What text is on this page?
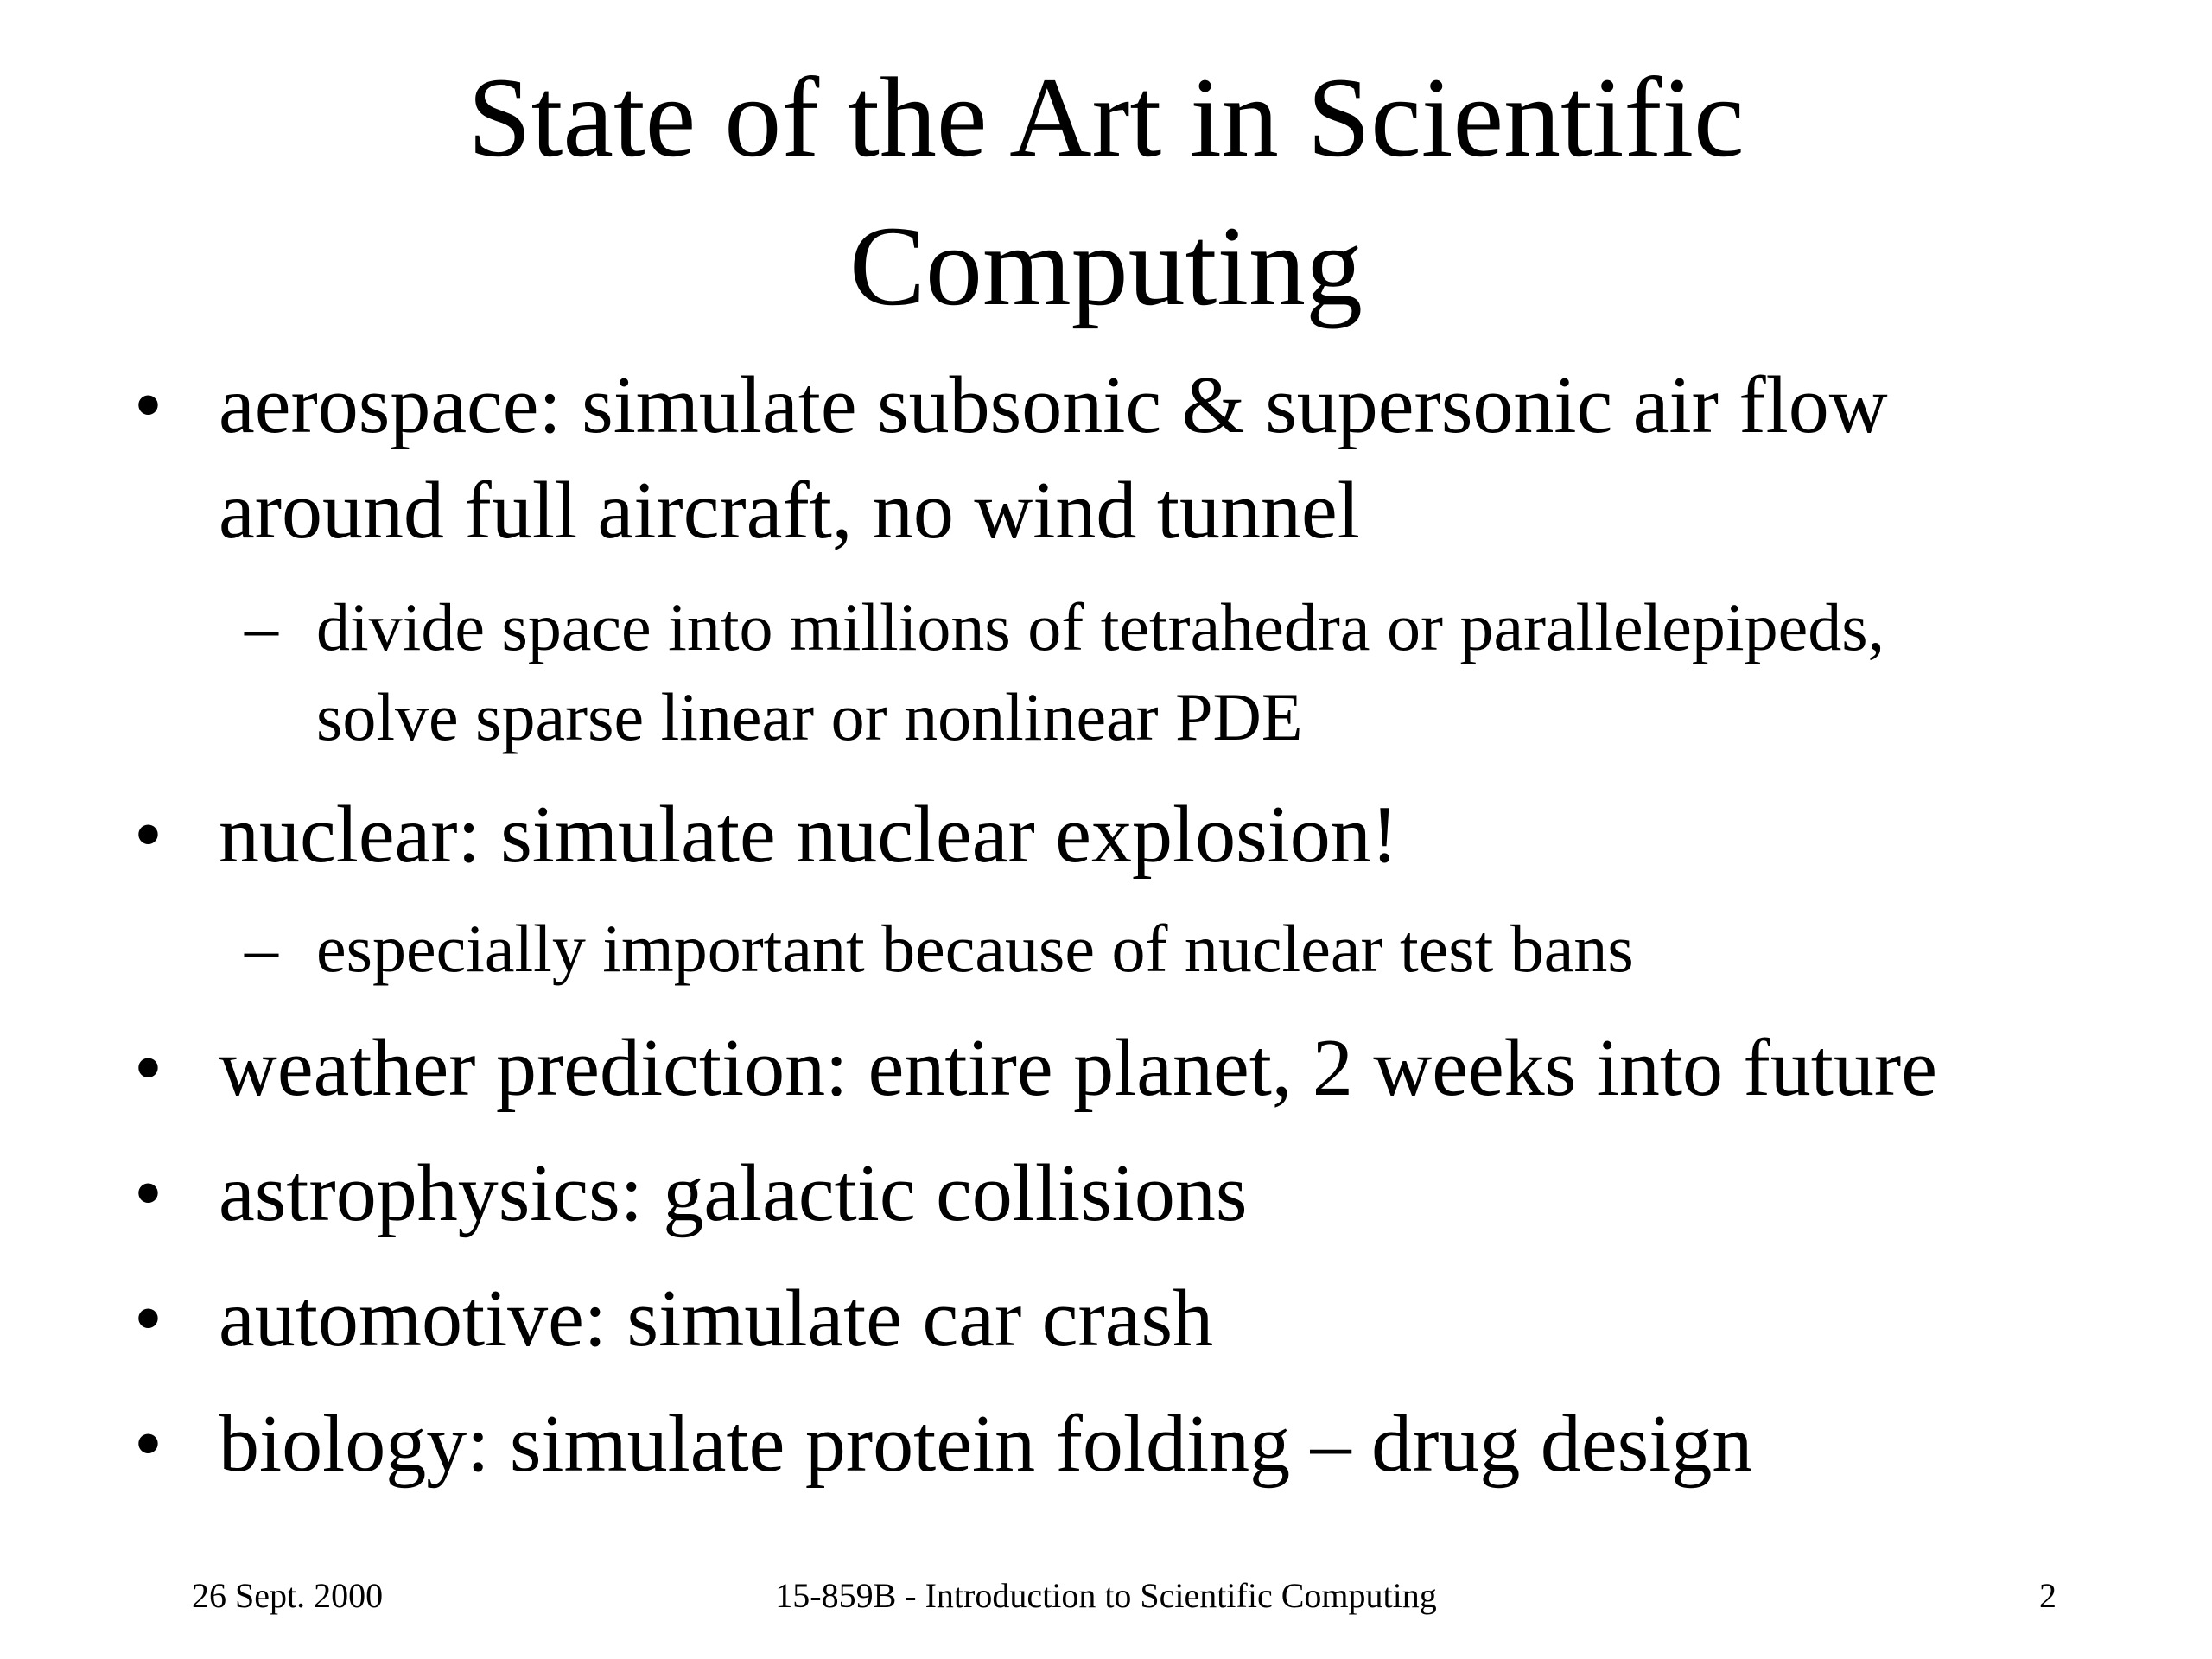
State of the Art in Scientific
Computing
• aerospace: simulate subsonic & supersonic air flow
around full aircraft, no wind tunnel
– divide space into millions of tetrahedra or parallelepipeds,
solve sparse linear or nonlinear PDE
• nuclear: simulate nuclear explosion!
– especially important because of nuclear test bans
• weather prediction: entire planet, 2 weeks into future
• astrophysics: galactic collisions
• automotive: simulate car crash
• biology: simulate protein folding – drug design
26 Sept. 2000	15-859B - Introduction to Scientific Computing	2
